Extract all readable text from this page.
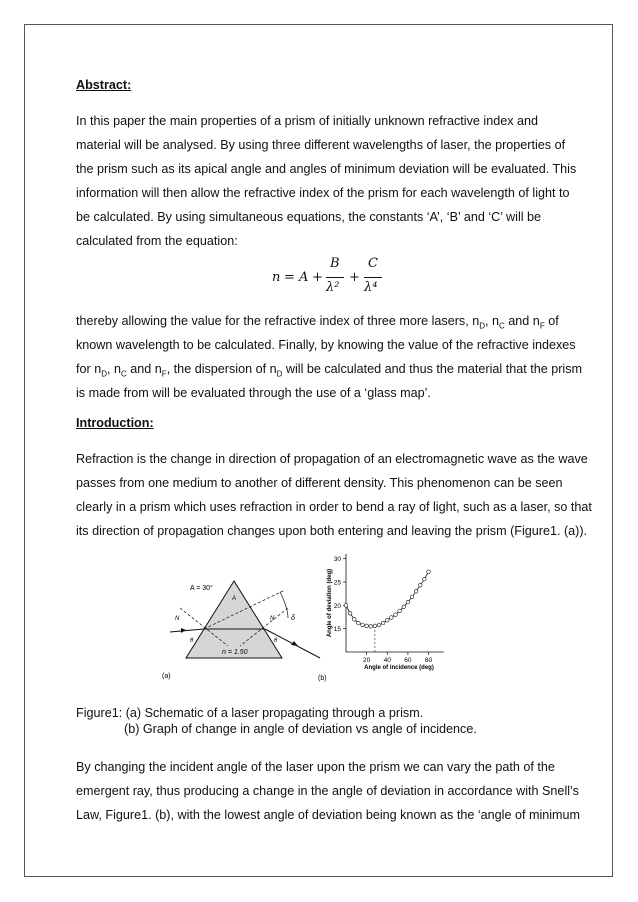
Abstract:
In this paper the main properties of a prism of initially unknown refractive index and
material will be analysed. By using three different wavelengths of laser, the properties of
the prism such as its apical angle and angles of minimum deviation will be evaluated. This
information will then allow the refractive index of the prism for each wavelength of light to
be calculated. By using simultaneous equations, the constants ‘A’, ‘B’ and ‘C’ will be
calculated from the equation:
thereby allowing the value for the refractive index of three more lasers, $n_D$, $n_C$ and $n_F$ of
known wavelength to be calculated. Finally, by knowing the value of the refractive indexes
for $n_D$, $n_C$ and $n_F$, the dispersion of $n_D$ will be calculated and thus the material that the prism
is made from will be evaluated through the use of a ‘glass map’.
Introduction:
Refraction is the change in direction of propagation of an electromagnetic wave as the wave
passes from one medium to another of different density. This phenomenon can be seen
clearly in a prism which uses refraction in order to bend a ray of light, such as a laser, so that
its direction of propagation changes upon both entering and leaving the prism (Figure1. (a)).
By changing the incident angle of the laser upon the prism we can vary the path of the
emergent ray, thus producing a change in the angle of deviation in accordance with Snell’s
Law, Figure1. (b), with the lowest angle of deviation being known as the ‘angle of minimum
n = A +
B
λ²
+
C
λ⁴
A = 30°
A
δ
N	N
θ	θ
n = 1.50
(a)
15
20
25
30
20 40 60 80
Angle of incidence (deg)
Angle of deviation (deg)
(b)
Figure1: (a) Schematic of a laser propagating through a prism.
(b) Graph of change in angle of deviation vs angle of incidence.
